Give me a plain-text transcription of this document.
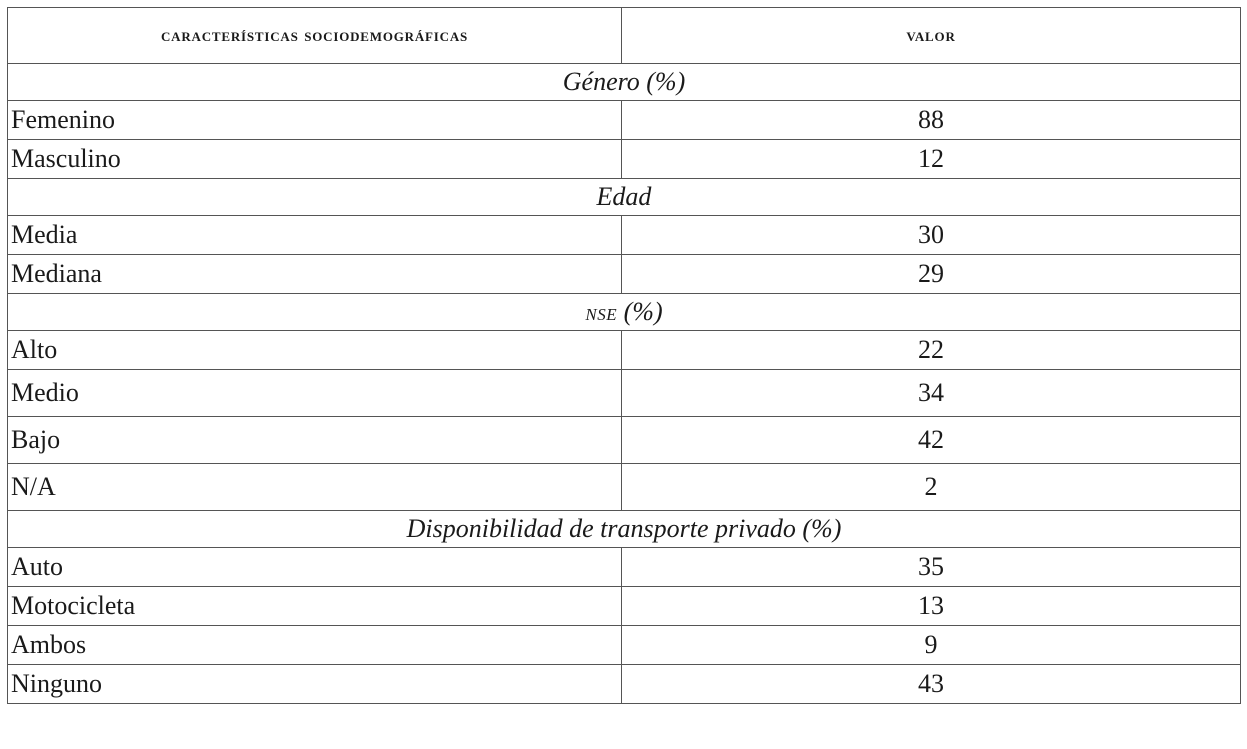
características sociodemográficas	valor
Género (%)	
Femenino	88
Masculino	12
Edad	
Media	30
Mediana	29
NSE (%)	
Alto	22
Medio	34
Bajo	42
N/A	2
Disponibilidad de transporte privado (%)	
Auto	35
Motocicleta	13
Ambos	9
Ninguno	43
